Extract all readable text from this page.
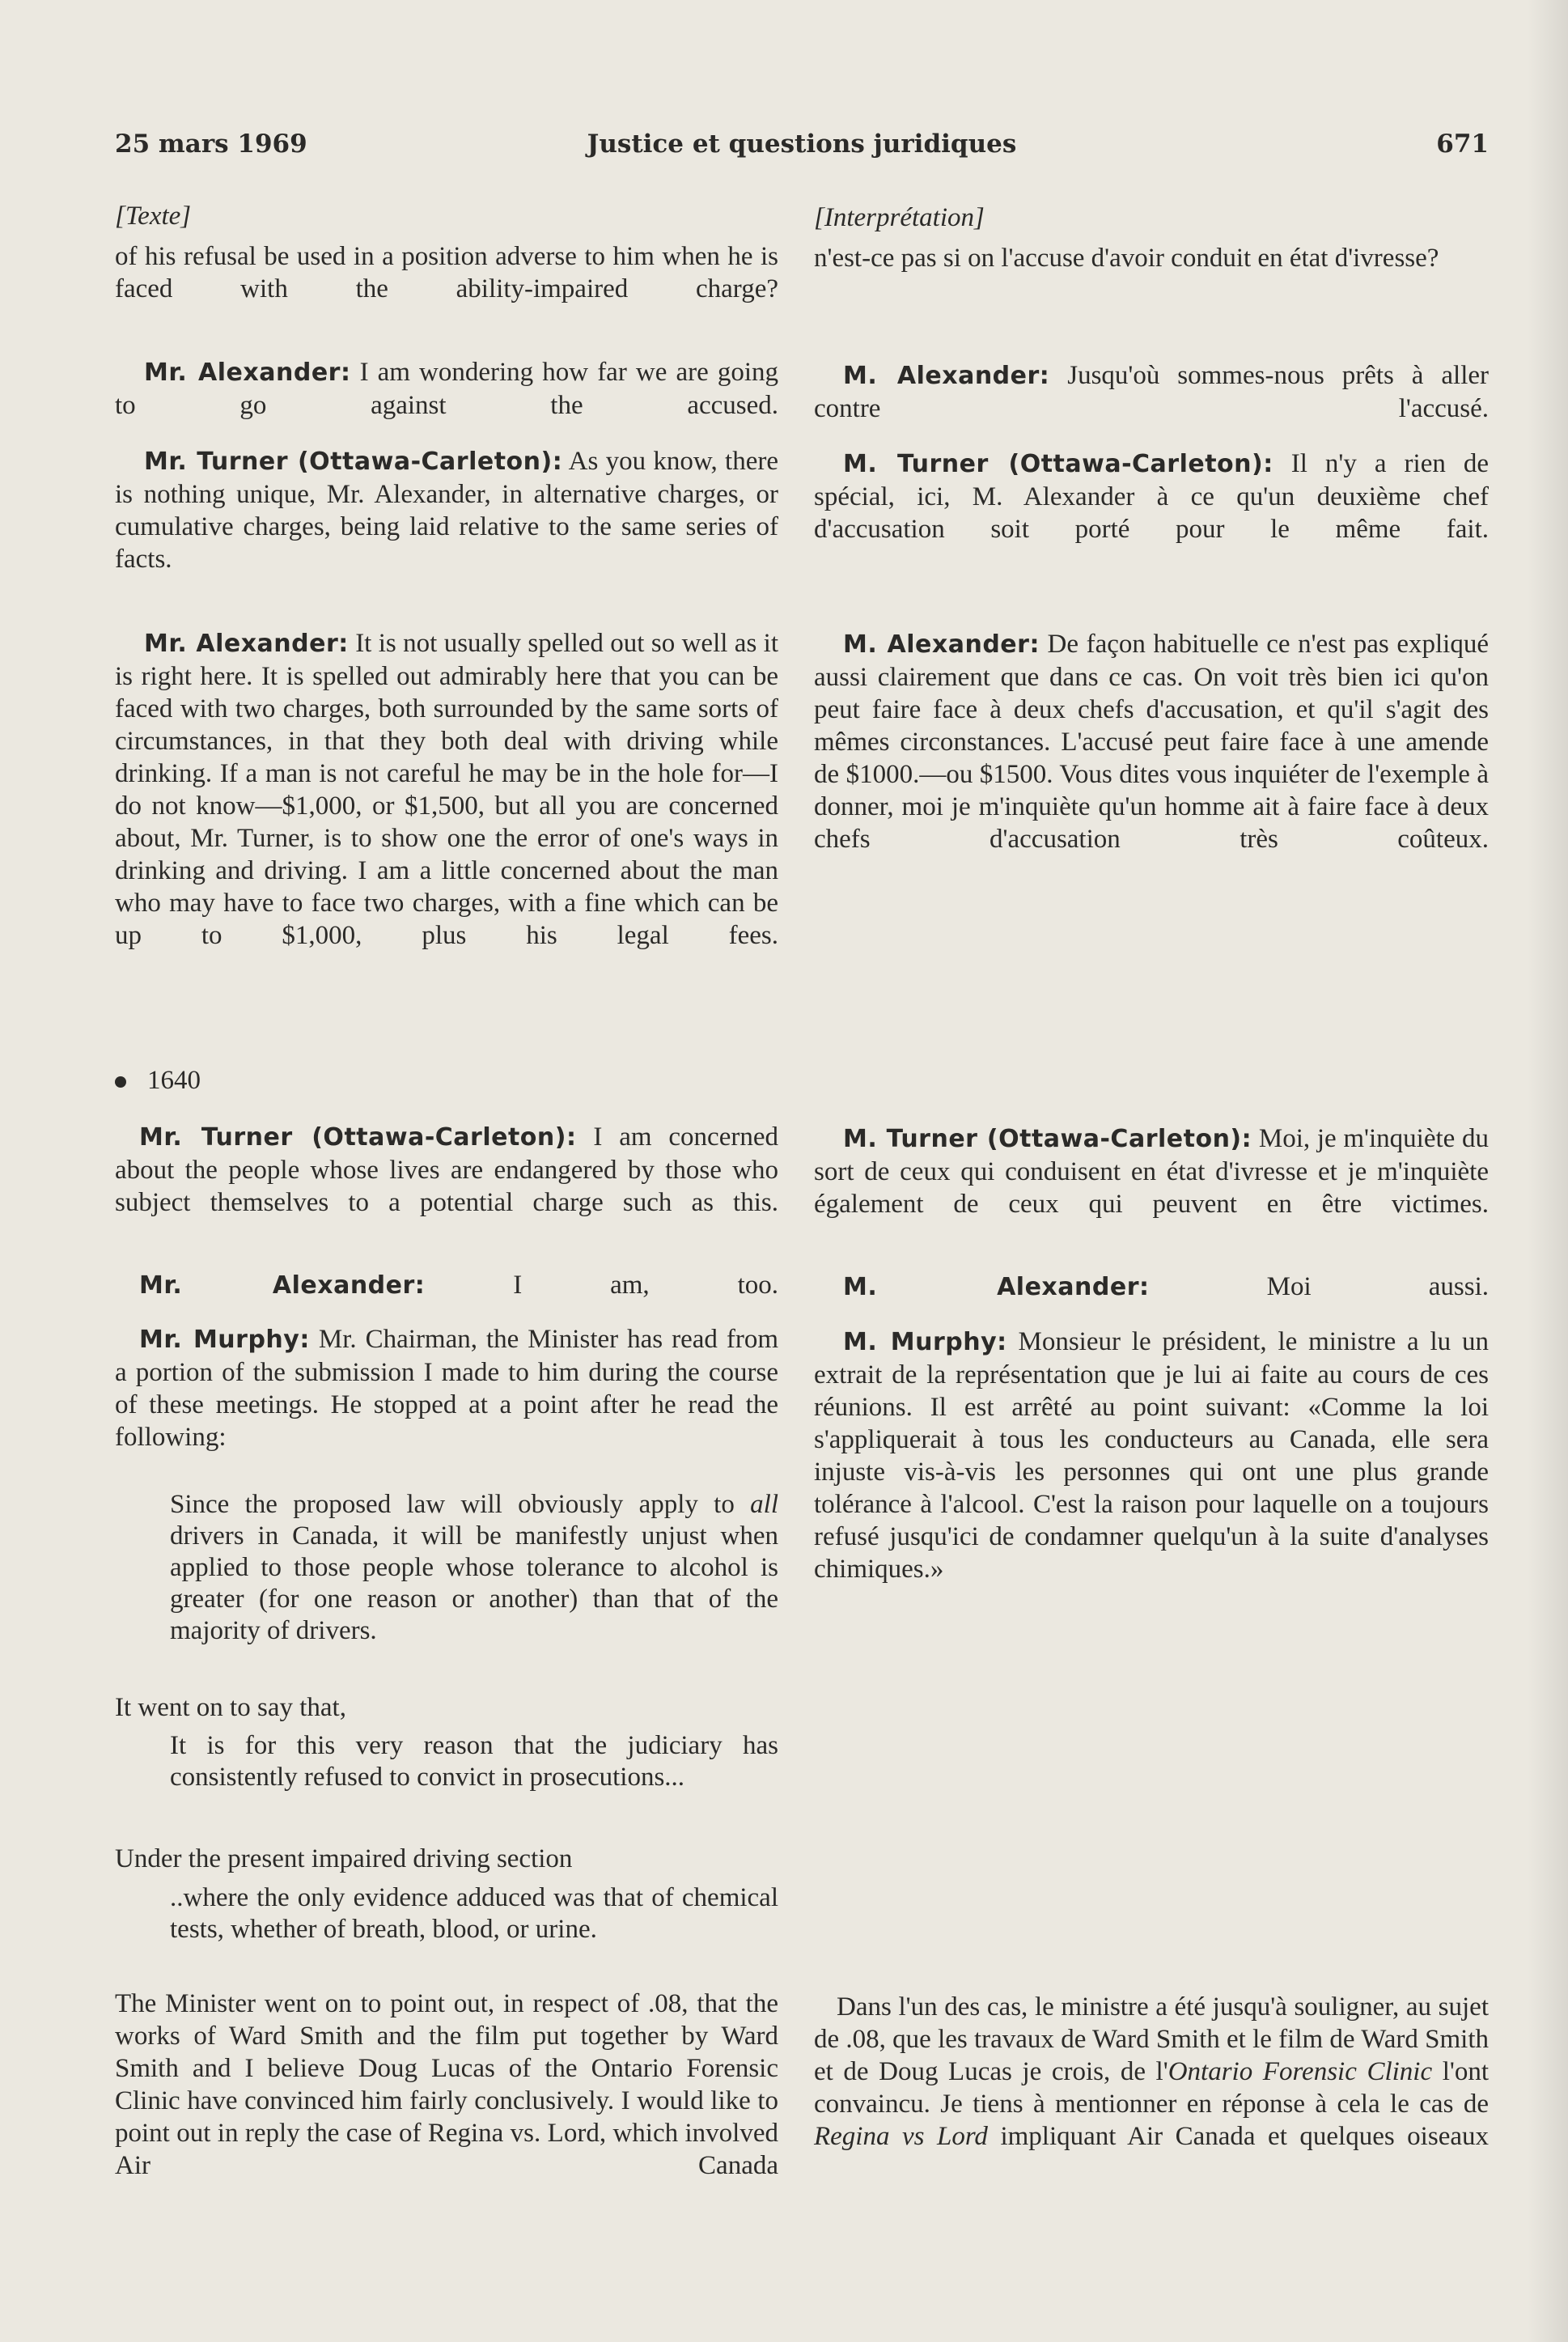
25 mars 1969	Justice et questions juridiques	671

[Texte]

of his refusal be used in a position adverse to him when he is faced with the ability-impaired charge?

Mr. Alexander: I am wondering how far we are going to go against the accused.

Mr. Turner (Ottawa-Carleton): As you know, there is nothing unique, Mr. Alexander, in alternative charges, or cumulative charges, being laid relative to the same series of facts.

Mr. Alexander: It is not usually spelled out so well as it is right here. It is spelled out admirably here that you can be faced with two charges, both surrounded by the same sorts of circumstances, in that they both deal with driving while drinking. If a man is not careful he may be in the hole for—I do not know—$1,000, or $1,500, but all you are concerned about, Mr. Turner, is to show one the error of one's ways in drinking and driving. I am a little concerned about the man who may have to face two charges, with a fine which can be up to $1,000, plus his legal fees.

1640

Mr. Turner (Ottawa-Carleton): I am concerned about the people whose lives are endangered by those who subject themselves to a potential charge such as this.

Mr. Alexander:	I am, too.

Mr. Murphy: Mr. Chairman, the Minister has read from a portion of the submission I made to him during the course of these meetings. He stopped at a point after he read the following:

Since the proposed law will obviously apply to all drivers in Canada, it will be manifestly unjust when applied to those people whose tolerance to alcohol is greater (for one reason or another) than that of the majority of drivers.

It went on to say that,

It is for this very reason that the judiciary has consistently refused to convict in prosecutions...

Under the present impaired driving section

..where the only evidence adduced was that of chemical tests, whether of breath, blood, or urine.

The Minister went on to point out, in respect of .08, that the works of Ward Smith and the film put together by Ward Smith and I believe Doug Lucas of the Ontario Forensic Clinic have convinced him fairly conclusively. I would like to point out in reply the case of Regina vs. Lord, which involved Air Canada

[Interprétation]

n'est-ce pas si on l'accuse d'avoir conduit en état d'ivresse?

M. Alexander: Jusqu'où sommes-nous prêts à aller contre l'accusé.

M. Turner (Ottawa-Carleton): Il n'y a rien de spécial, ici, M. Alexander à ce qu'un deuxième chef d'accusation soit porté pour le même fait.

M. Alexander: De façon habituelle ce n'est pas expliqué aussi clairement que dans ce cas. On voit très bien ici qu'on peut faire face à deux chefs d'accusation, et qu'il s'agit des mêmes circonstances. L'accusé peut faire face à une amende de $1000.—ou $1500. Vous dites vous inquiéter de l'exemple à donner, moi je m'inquiète qu'un homme ait à faire face à deux chefs d'accusation très coûteux.

M. Turner (Ottawa-Carleton): Moi, je m'inquiète du sort de ceux qui conduisent en état d'ivresse et je m'inquiète également de ceux qui peuvent en être victimes.

M. Alexander:	Moi aussi.

M. Murphy: Monsieur le président, le ministre a lu un extrait de la représentation que je lui ai faite au cours de ces réunions. Il est arrêté au point suivant: «Comme la loi s'appliquerait à tous les conducteurs au Canada, elle sera injuste vis-à-vis les personnes qui ont une plus grande tolérance à l'alcool. C'est la raison pour laquelle on a toujours refusé jusqu'ici de condamner quelqu'un à la suite d'analyses chimiques.»

Dans l'un des cas, le ministre a été jusqu'à souligner, au sujet de .08, que les travaux de Ward Smith et le film de Ward Smith et de Doug Lucas je crois, de l'Ontario Forensic Clinic l'ont convaincu. Je tiens à mentionner en réponse à cela le cas de Regina vs Lord impliquant Air Canada et quelques oiseaux
